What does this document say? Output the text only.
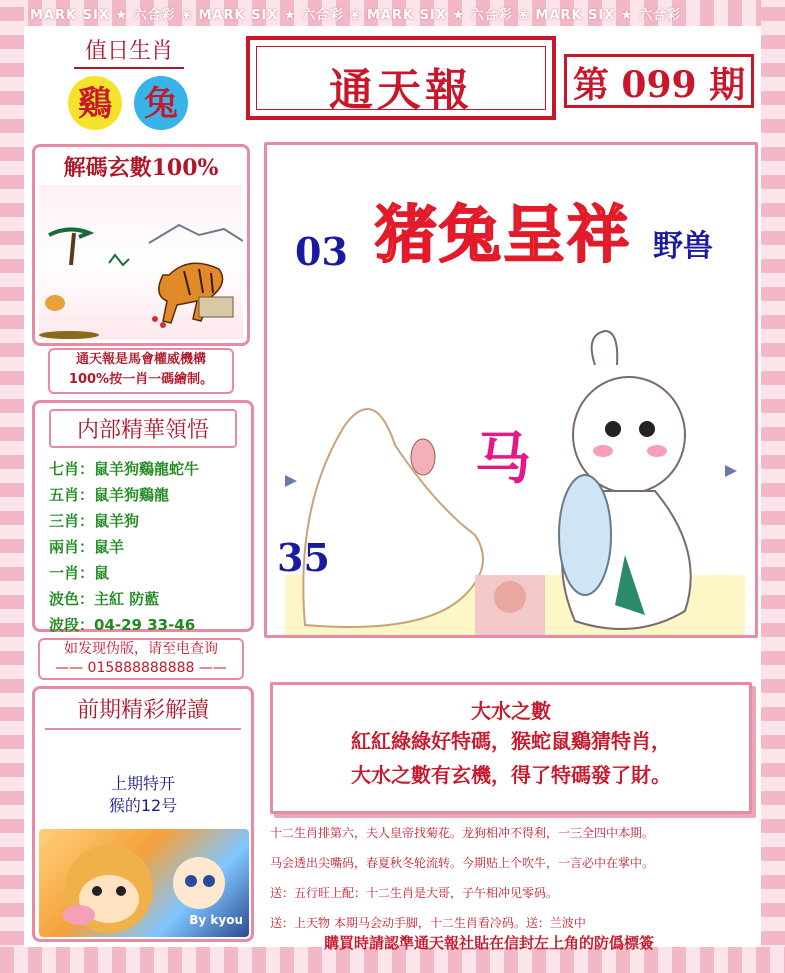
MARK SIX ★ 六合彩 ❀ MARK SIX ★ 六合彩 ❀ MARK SIX ★ 六合彩 ❀ MARK SIX ★ 六合彩
值日生肖
鷄 兔	通天報	第 099 期
解碼玄數100%
通天報是馬會權威機構
100%按一肖一碼繪制。
内部精華領悟
七肖：鼠羊狗鷄龍蛇牛
五肖：鼠羊狗鷄龍
三肖：鼠羊狗
兩肖：鼠羊
一肖：鼠
波色：主紅 防藍
波段：04-29 33-46
如发现伪版，请至电查询
—— 015888888888 ——
前期精彩解讀
上期特开
猴的12号
By kyou
猪兔呈祥 野兽
03
马
35
大水之數
紅紅綠綠好特碼，猴蛇鼠鷄猜特肖，
大水之數有玄機，得了特碼發了財。
十二生肖排第六，夫人皇帝找菊花。龙狗相冲不得利，一三全四中本期。
马会透出尖嘴码，春夏秋冬轮流转。今期贴上个吹牛，一言必中在掌中。
送：五行旺上配：十二生肖是大哥，子午相冲见零码。
送：上天物 本期马会动手脚，十二生肖看冷码。送：兰波中
購買時請認準通天報社貼在信封左上角的防僞標簽
